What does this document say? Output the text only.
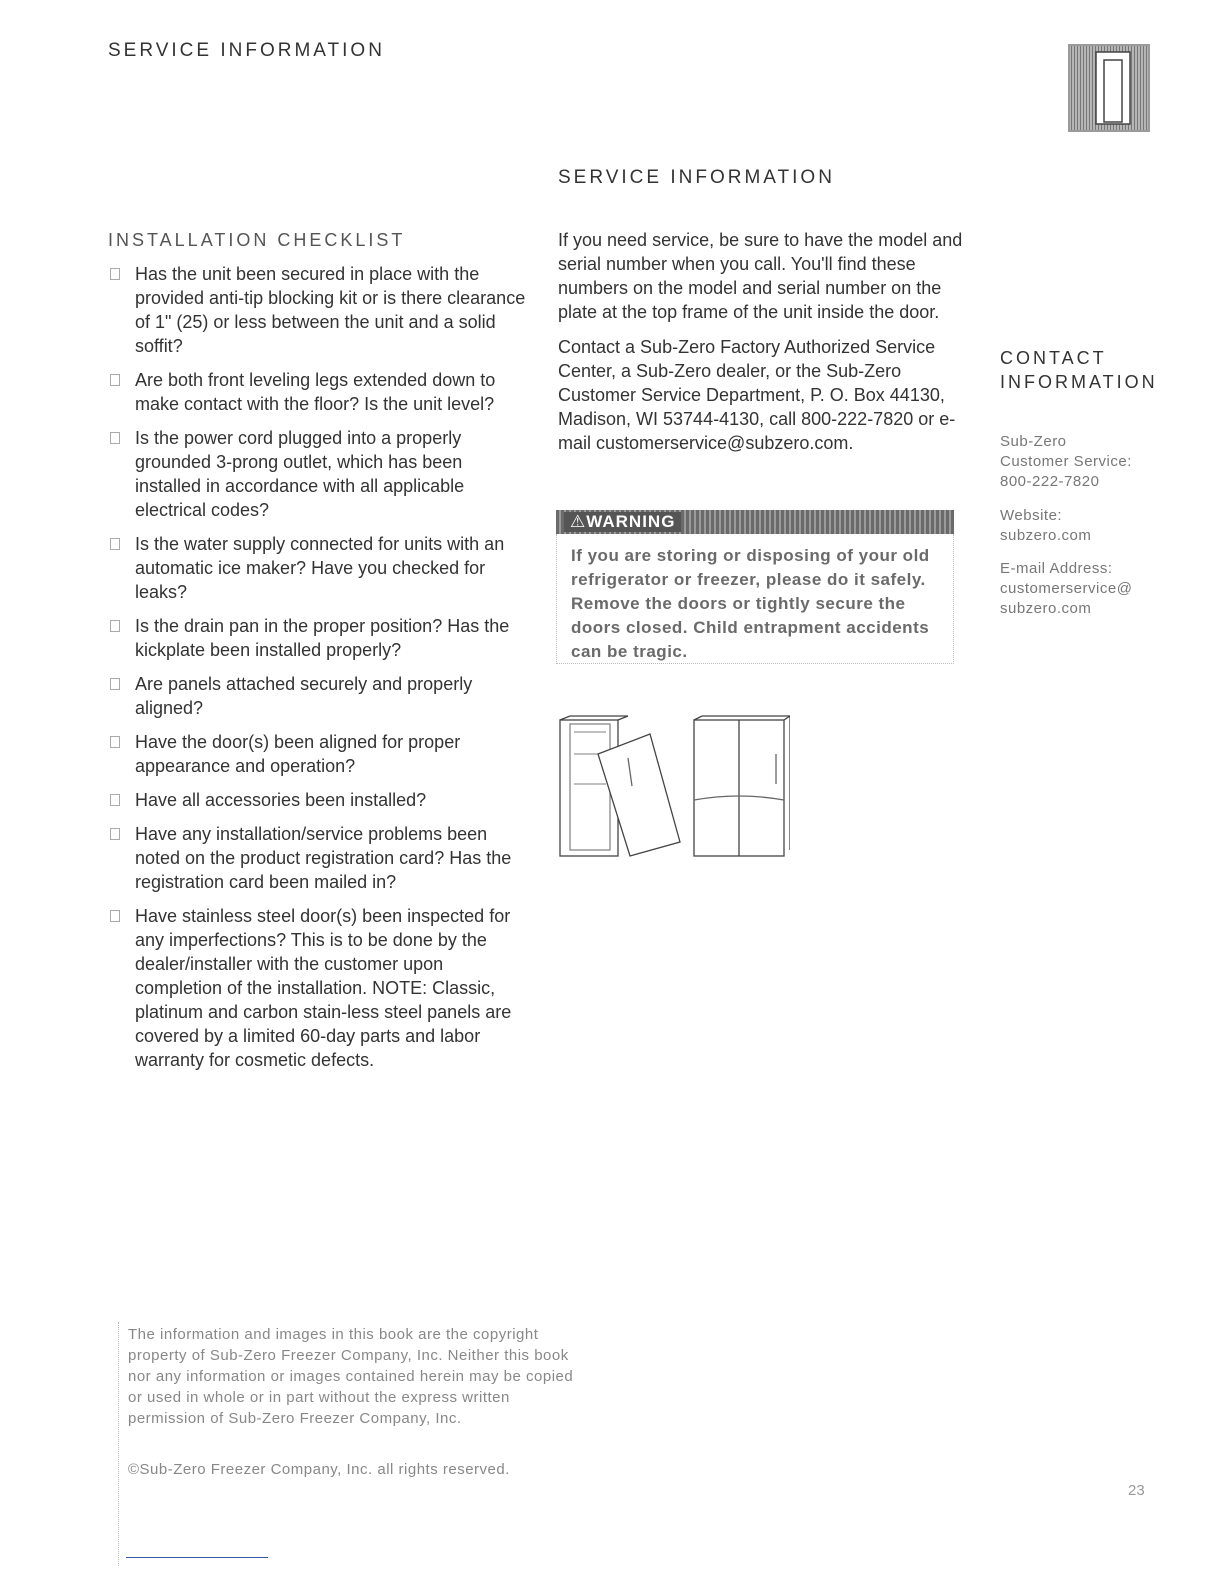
SERVICE INFORMATION
SERVICE INFORMATION
INSTALLATION CHECKLIST
Has the unit been secured in place with the provided anti-tip blocking kit or is there clearance of 1" (25) or less between the unit and a solid soffit?
Are both front leveling legs extended down to make contact with the floor? Is the unit level?
Is the power cord plugged into a properly grounded 3-prong outlet, which has been installed in accordance with all applicable electrical codes?
Is the water supply connected for units with an automatic ice maker? Have you checked for leaks?
Is the drain pan in the proper position? Has the kickplate been installed properly?
Are panels attached securely and properly aligned?
Have the door(s) been aligned for proper appearance and operation?
Have all accessories been installed?
Have any installation/service problems been noted on the product registration card? Has the registration card been mailed in?
Have stainless steel door(s) been inspected for any imperfections? This is to be done by the dealer/installer with the customer upon completion of the installation. NOTE: Classic, platinum and carbon stain-less steel panels are covered by a limited 60-day parts and labor warranty for cosmetic defects.

If you need service, be sure to have the model and serial number when you call. You'll find these numbers on the model and serial number on the plate at the top frame of the unit inside the door.

Contact a Sub-Zero Factory Authorized Service Center, a Sub-Zero dealer, or the Sub-Zero Customer Service Department, P. O. Box 44130, Madison, WI 53744-4130, call 800-222-7820 or e-mail customerservice@subzero.com.

⚠WARNING
If you are storing or disposing of your old refrigerator or freezer, please do it safely. Remove the doors or tightly secure the doors closed. Child entrapment accidents can be tragic.
CONTACT
INFORMATION
Sub-Zero
Customer Service:
800-222-7820
Website:
subzero.com
E-mail Address:
customerservice@
subzero.com
The information and images in this book are the copyright property of Sub-Zero Freezer Company, Inc. Neither this book nor any information or images contained herein may be copied or used in whole or in part without the express written permission of Sub-Zero Freezer Company, Inc.
©Sub-Zero Freezer Company, Inc. all rights reserved.
23
